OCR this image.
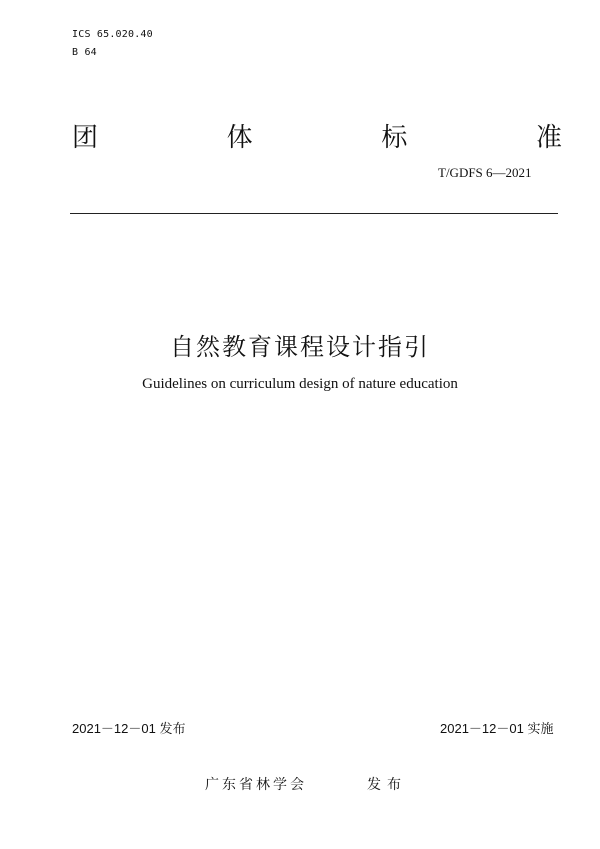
ICS 65.020.40
B 64
团	体	标	准
T/GDFS 6—2021
自然教育课程设计指引
Guidelines on curriculum design of nature education
2021－12－01 发布	2021－12－01 实施
广东省林学会	发布
